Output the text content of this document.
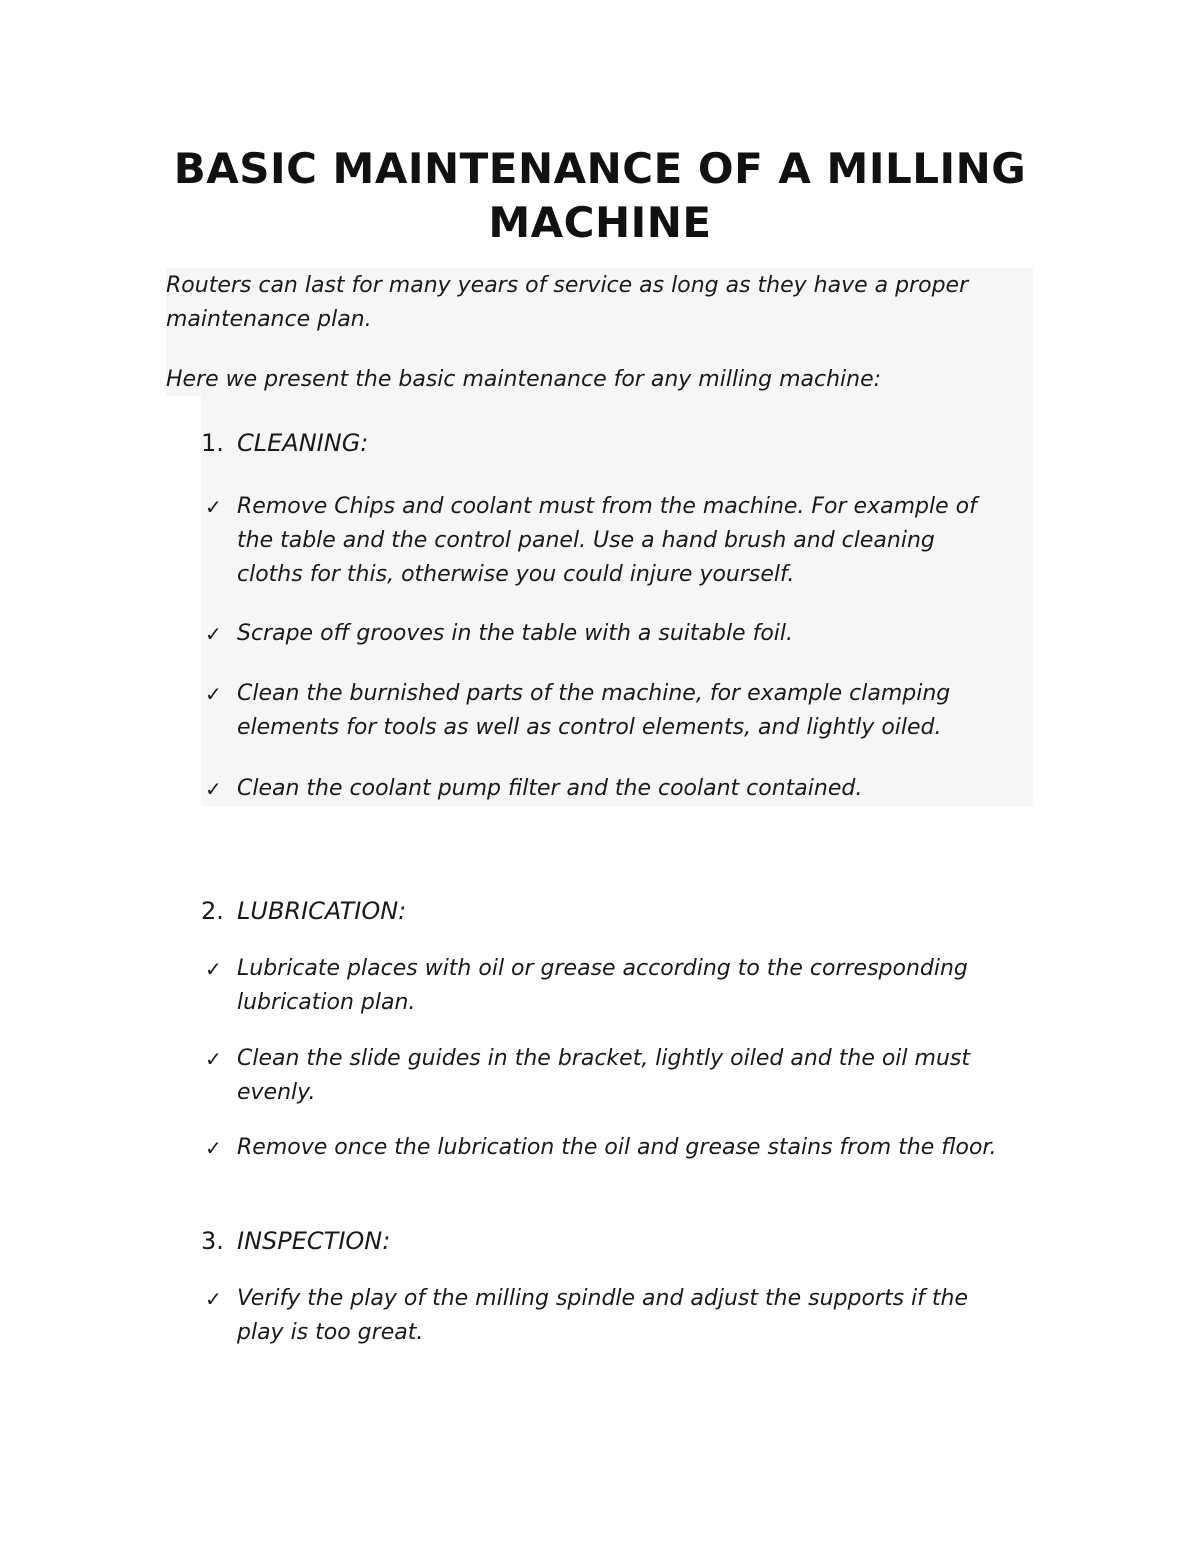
BASIC MAINTENANCE OF A MILLING
MACHINE
Routers can last for many years of service as long as they have a proper maintenance plan.
Here we present the basic maintenance for any milling machine:
1. CLEANING:
✓ Remove Chips and coolant must from the machine. For example of the table and the control panel. Use a hand brush and cleaning cloths for this, otherwise you could injure yourself.
✓ Scrape off grooves in the table with a suitable foil.
✓ Clean the burnished parts of the machine, for example clamping elements for tools as well as control elements, and lightly oiled.
✓ Clean the coolant pump filter and the coolant contained.
2. LUBRICATION:
✓ Lubricate places with oil or grease according to the corresponding lubrication plan.
✓ Clean the slide guides in the bracket, lightly oiled and the oil must evenly.
✓ Remove once the lubrication the oil and grease stains from the floor.
3. INSPECTION:
✓ Verify the play of the milling spindle and adjust the supports if the play is too great.
